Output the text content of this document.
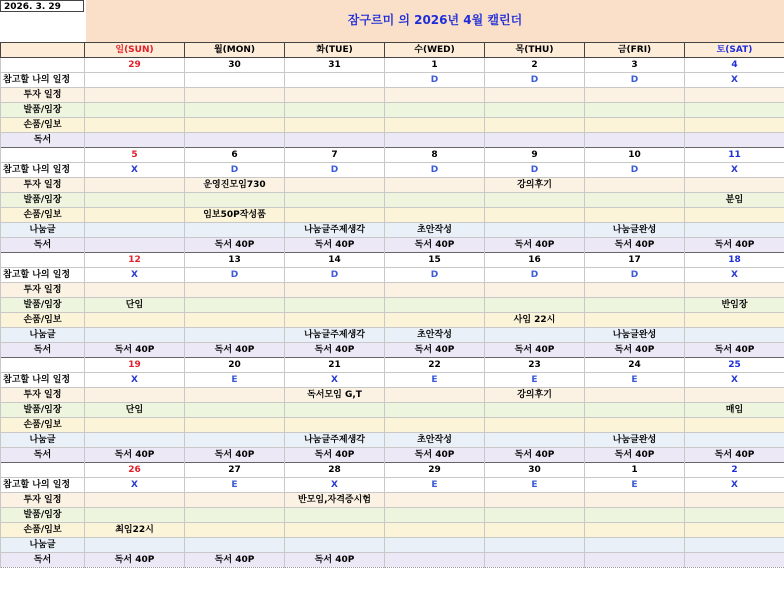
2026. 3. 29
잠구르미 의 2026년 4월 캘린더
	일(SUN)	월(MON)	화(TUE)	수(WED)	목(THU)	금(FRI)	토(SAT)
	29	30	31	1	2	3	4
참고할 나의 일정				D	D	D	X
투자 일정							
발품/임장							
손품/임보							
독서							
	5	6	7	8	9	10	11
참고할 나의 일정	X	D	D	D	D	D	X
투자 일정		운영진모임730			강의후기		
발품/임장							분임
손품/임보		임보50P작성품					
나눔글			나눔글주제생각	초안작성		나눔글완성	
독서		독서 40P	독서 40P	독서 40P	독서 40P	독서 40P	독서 40P
	12	13	14	15	16	17	18
참고할 나의 일정	X	D	D	D	D	D	X
투자 일정							
발품/임장	단임						반임장
손품/임보					사임 22시		
나눔글			나눔글주제생각	초안작성		나눔글완성	
독서	독서 40P	독서 40P	독서 40P	독서 40P	독서 40P	독서 40P	독서 40P
	19	20	21	22	23	24	25
참고할 나의 일정	X	E	X	E	E	E	X
투자 일정			독서모임 G,T		강의후기		
발품/임장	단임						매임
손품/임보							
나눔글			나눔글주제생각	초안작성		나눔글완성	
독서	독서 40P	독서 40P	독서 40P	독서 40P	독서 40P	독서 40P	독서 40P
	26	27	28	29	30	1	2
참고할 나의 일정	X	E	X	E	E	E	X
투자 일정			반모임,자격증시험				
발품/임장							
손품/임보	최임22시						
나눔글							
독서	독서 40P	독서 40P	독서 40P				
